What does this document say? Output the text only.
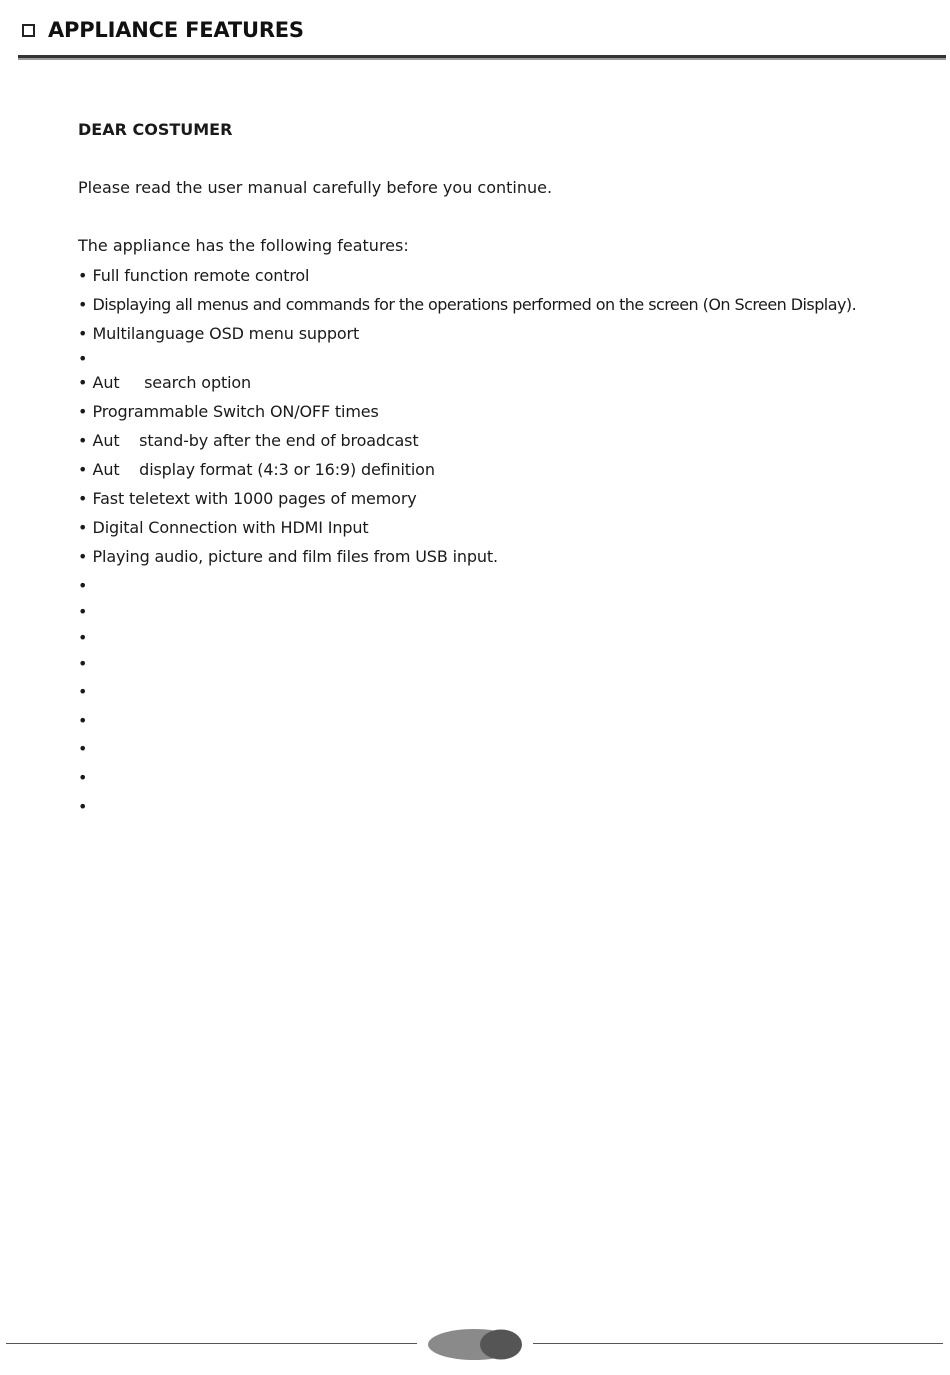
APPLIANCE FEATURES
DEAR COSTUMER
Please read the user manual carefully before you continue.
The appliance has the following features:
• Full function remote control
• Displaying all menus and commands for the operations performed on the screen (On Screen Display).
• Multilanguage OSD menu support
•
• Aut     search option
• Programmable Switch ON/OFF times
• Aut    stand-by after the end of broadcast
• Aut    display format (4:3 or 16:9) definition
• Fast teletext with 1000 pages of memory
• Digital Connection with HDMI Input
• Playing audio, picture and film files from USB input.
•
•
•
•
•
•
•
•
•
